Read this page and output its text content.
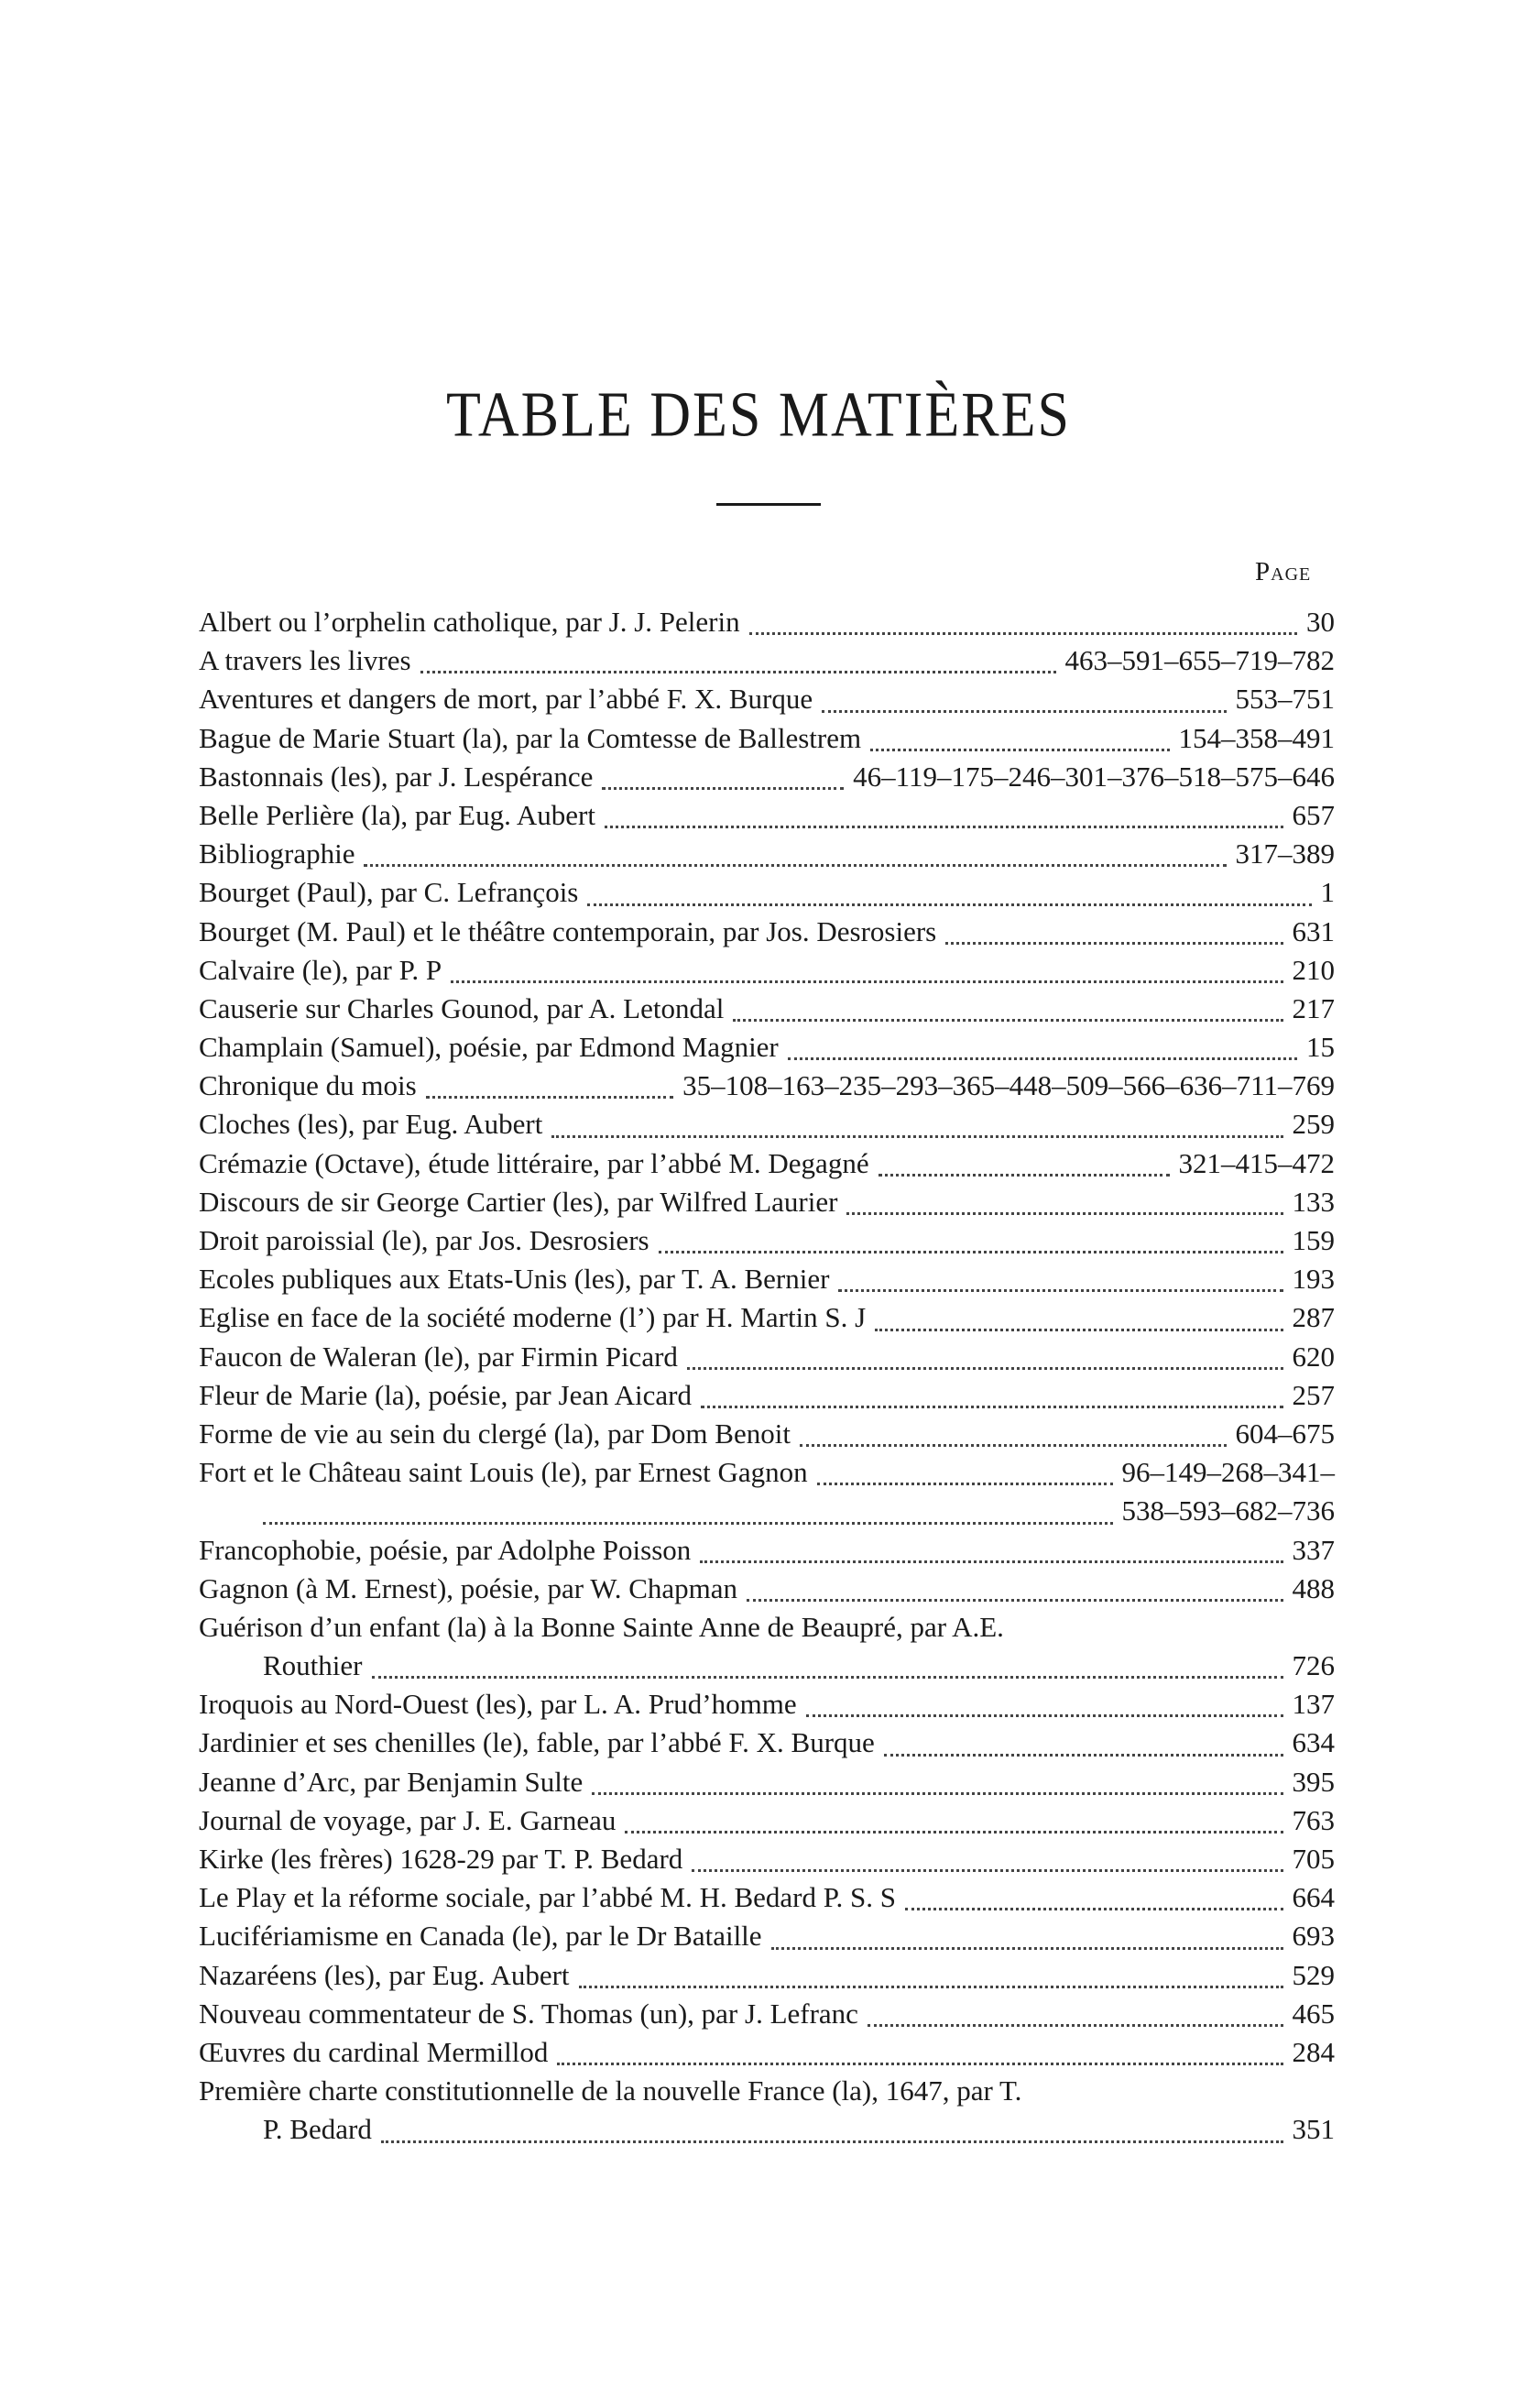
TABLE DES MATIÈRES
Page
Albert ou l’orphelin catholique, par J. J. Pelerin	30
A travers les livres	463–591–655–719–782
Aventures et dangers de mort, par l’abbé F. X. Burque	553–751
Bague de Marie Stuart (la), par la Comtesse de Ballestrem	154–358–491
Bastonnais (les), par J. Lespérance	46–119–175–246–301–376–518–575–646
Belle Perlière (la), par Eug. Aubert	657
Bibliographie	317–389
Bourget (Paul), par C. Lefrançois	1
Bourget (M. Paul) et le théâtre contemporain, par Jos. Desrosiers	631
Calvaire (le), par P. P	210
Causerie sur Charles Gounod, par A. Letondal	217
Champlain (Samuel), poésie, par Edmond Magnier	15
Chronique du mois	35–108–163–235–293–365–448–509–566–636–711–769
Cloches (les), par Eug. Aubert	259
Crémazie (Octave), étude littéraire, par l’abbé M. Degagné	321–415–472
Discours de sir George Cartier (les), par Wilfred Laurier	133
Droit paroissial (le), par Jos. Desrosiers	159
Ecoles publiques aux Etats-Unis (les), par T. A. Bernier	193
Eglise en face de la société moderne (l’) par H. Martin S. J	287
Faucon de Waleran (le), par Firmin Picard	620
Fleur de Marie (la), poésie, par Jean Aicard	257
Forme de vie au sein du clergé (la), par Dom Benoit	604–675
Fort et le Château saint Louis (le), par Ernest Gagnon	96–149–268–341–
538–593–682–736
Francophobie, poésie, par Adolphe Poisson	337
Gagnon (à M. Ernest), poésie, par W. Chapman	488
Guérison d’un enfant (la) à la Bonne Sainte Anne de Beaupré, par A.E.
Routhier	726
Iroquois au Nord-Ouest (les), par L. A. Prud’homme	137
Jardinier et ses chenilles (le), fable, par l’abbé F. X. Burque	634
Jeanne d’Arc, par Benjamin Sulte	395
Journal de voyage, par J. E. Garneau	763
Kirke (les frères) 1628-29 par T. P. Bedard	705
Le Play et la réforme sociale, par l’abbé M. H. Bedard P. S. S	664
Lucifériamisme en Canada (le), par le Dr Bataille	693
Nazaréens (les), par Eug. Aubert	529
Nouveau commentateur de S. Thomas (un), par J. Lefranc	465
Œuvres du cardinal Mermillod	284
Première charte constitutionnelle de la nouvelle France (la), 1647, par T.
P. Bedard	351
